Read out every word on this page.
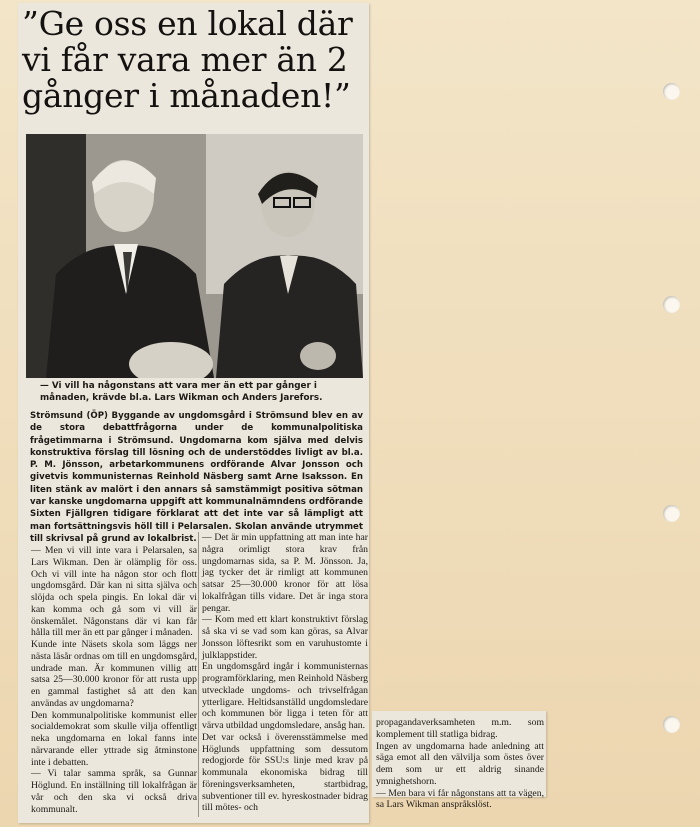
”Ge oss en lokal där vi får vara mer än 2 gånger i månaden!”

— Vi vill ha någonstans att vara mer än ett par gånger i månaden, krävde bl.a. Lars Wikman och Anders Jarefors.

Strömsund (ÖP) Byggande av ungdomsgård i Strömsund blev en av de stora debattfrågorna under de kommunalpolitiska frågetimmarna i Strömsund. Ungdomarna kom själva med delvis konstruktiva förslag till lösning och de understöddes livligt av bl.a. P. M. Jönsson, arbetarkommunens ordförande Alvar Jonsson och givetvis kommunisternas Reinhold Näsberg samt Arne Isaksson. En liten stänk av malört i den annars så samstämmigt positiva sötman var kanske ungdomarna uppgift att kommunalnämndens ordförande Sixten Fjällgren tidigare förklarat att det inte var så lämpligt att man fortsättningsvis höll till i Pelarsalen. Skolan använde utrymmet till skrivsal på grund av lokalbrist.

— Men vi vill inte vara i Pelarsalen, sa Lars Wikman. Den är olämplig för oss. Och vi vill inte ha någon stor och flott ungdomsgård. Där kan ni sitta själva och slöjda och spela pingis. En lokal där vi kan komma och gå som vi vill är önskemålet. Någonstans där vi kan får hålla till mer än ett par gånger i månaden.

Kunde inte Näsets skola som läggs ner nästa läsår ordnas om till en ungdomsgård, undrade man. Är kommunen villig att satsa 25—30.000 kronor för att rusta upp en gammal fastighet så att den kan användas av ungdomarna?

Den kommunalpolitiske kommunist eller socialdemokrat som skulle vilja offentligt neka ungdomarna en lokal fanns inte närvarande eller yttrade sig åtminstone inte i debatten.

— Vi talar samma språk, sa Gunnar Höglund. En inställning till lokalfrågan är vår och den ska vi också driva kommunalt.

— Det är min uppfattning att man inte har några orimligt stora krav från ungdomarnas sida, sa P. M. Jönsson. Ja, jag tycker det är rimligt att kommunen satsar 25—30.000 kronor för att lösa lokalfrågan tills vidare. Det är inga stora pengar.

— Kom med ett klart konstruktivt förslag så ska vi se vad som kan göras, sa Alvar Jonsson löftesrikt som en varuhustomte i julklappstider.

En ungdomsgård ingår i kommunisternas programförklaring, men Reinhold Näsberg utvecklade ungdoms- och trivselfrågan ytterligare. Heltidsanställd ungdomsledare och kommunen bör ligga i teten för att värva utbildad ungdomsledare, ansåg han.

Det var också i överensstämmelse med Höglunds uppfattning som dessutom redogjorde för SSU:s linje med krav på kommunala ekonomiska bidrag till föreningsverksamheten, startbidrag, subventioner till ev. hyreskostnader bidrag till mötes- och

propagandaverksamheten m.m. som komplement till statliga bidrag.

Ingen av ungdomarna hade anledning att säga emot all den välvilja som östes över dem som ur ett aldrig sinande ymnighetshorn.

— Men bara vi får någonstans att ta vägen, sa Lars Wikman anspråkslöst.
